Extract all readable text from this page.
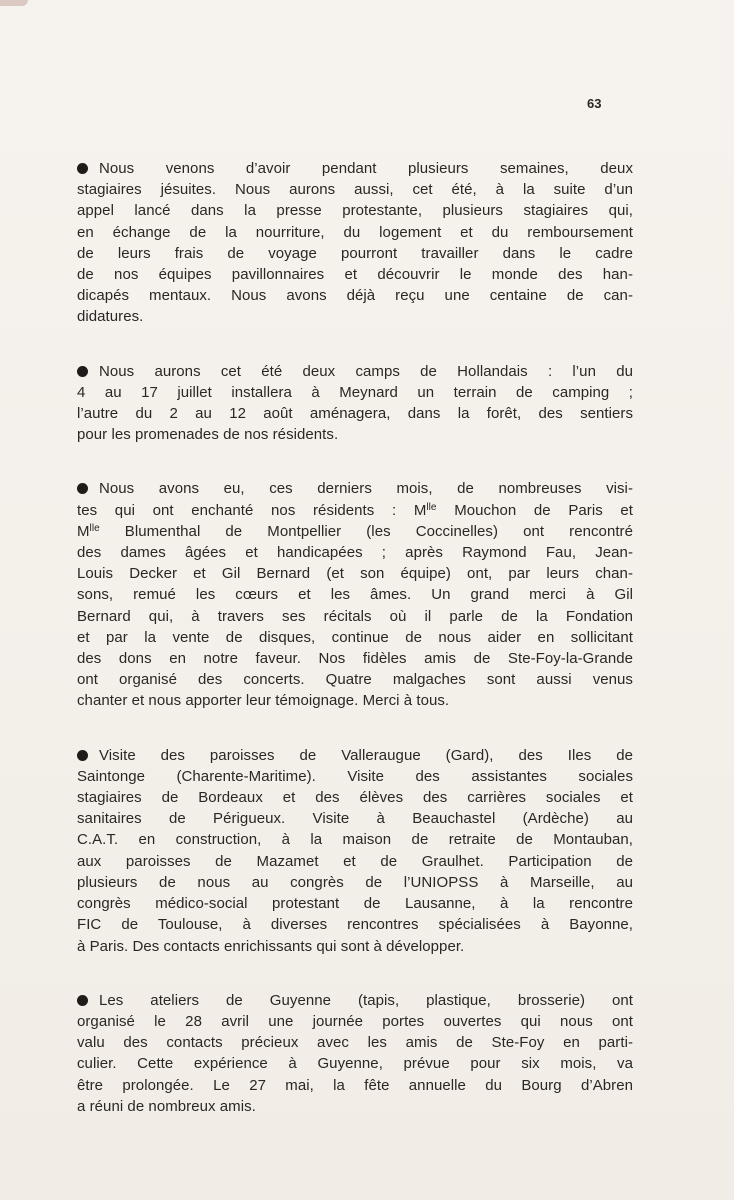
63
Nous venons d’avoir pendant plusieurs semaines, deux
stagiaires jésuites. Nous aurons aussi, cet été, à la suite d’un
appel lancé dans la presse protestante, plusieurs stagiaires qui,
en échange de la nourriture, du logement et du remboursement
de leurs frais de voyage pourront travailler dans le cadre
de nos équipes pavillonnaires et découvrir le monde des han-
dicapés mentaux. Nous avons déjà reçu une centaine de can-
didatures.
Nous aurons cet été deux camps de Hollandais : l’un du
4 au 17 juillet installera à Meynard un terrain de camping ;
l’autre du 2 au 12 août aménagera, dans la forêt, des sentiers
pour les promenades de nos résidents.
Nous avons eu, ces derniers mois, de nombreuses visi-
tes qui ont enchanté nos résidents : $M^{lle}$ Mouchon de Paris et
$M^{lle}$ Blumenthal de Montpellier (les Coccinelles) ont rencontré
des dames âgées et handicapées ; après Raymond Fau, Jean-
Louis Decker et Gil Bernard (et son équipe) ont, par leurs chan-
sons, remué les cœurs et les âmes. Un grand merci à Gil
Bernard qui, à travers ses récitals où il parle de la Fondation
et par la vente de disques, continue de nous aider en sollicitant
des dons en notre faveur. Nos fidèles amis de Ste-Foy-la-Grande
ont organisé des concerts. Quatre malgaches sont aussi venus
chanter et nous apporter leur témoignage. Merci à tous.
Visite des paroisses de Valleraugue (Gard), des Iles de
Saintonge (Charente-Maritime). Visite des assistantes sociales
stagiaires de Bordeaux et des élèves des carrières sociales et
sanitaires de Périgueux. Visite à Beauchastel (Ardèche) au
C.A.T. en construction, à la maison de retraite de Montauban,
aux paroisses de Mazamet et de Graulhet. Participation de
plusieurs de nous au congrès de l’UNIOPSS à Marseille, au
congrès médico-social protestant de Lausanne, à la rencontre
FIC de Toulouse, à diverses rencontres spécialisées à Bayonne,
à Paris. Des contacts enrichissants qui sont à développer.
Les ateliers de Guyenne (tapis, plastique, brosserie) ont
organisé le 28 avril une journée portes ouvertes qui nous ont
valu des contacts précieux avec les amis de Ste-Foy en parti-
culier. Cette expérience à Guyenne, prévue pour six mois, va
être prolongée. Le 27 mai, la fête annuelle du Bourg d’Abren
a réuni de nombreux amis.
